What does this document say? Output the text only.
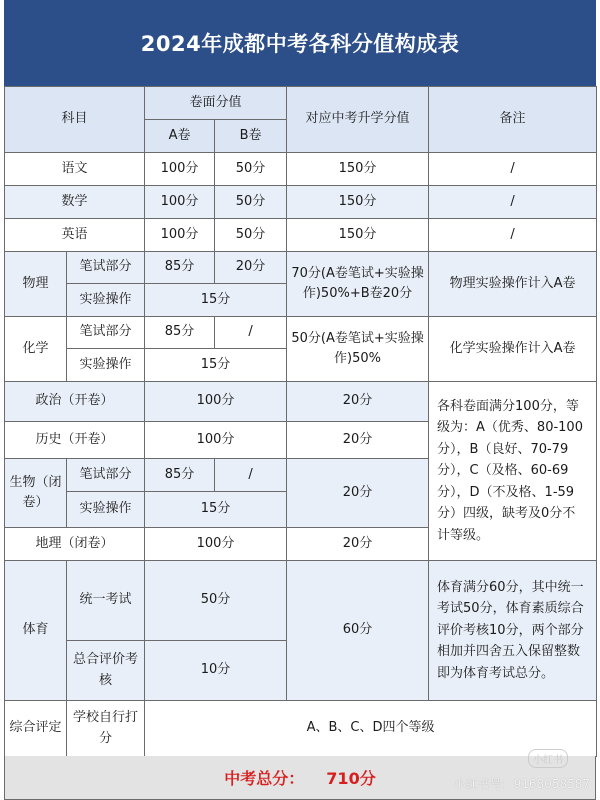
2024年成都中考各科分值构成表
科目		卷面分值		对应中考升学分值	备注
		A卷	B卷		
语文		100分	50分	150分	/
数学		100分	50分	150分	/
英语		100分	50分	150分	/
物理	笔试部分	85分	20分	70分(A卷笔试+实验操作)50%+B卷20分	物理实验操作计入A卷
	实验操作	15分			
化学	笔试部分	85分	/	50分(A卷笔试+实验操作)50%	化学实验操作计入A卷
	实验操作	15分			
政治（开卷）		100分		20分	各科卷面满分100分，等级为：A（优秀、80-100分），B（良好、70-79分），C（及格、60-69分），D（不及格、1-59分）四级，缺考及0分不计等级。
历史（开卷）		100分		20分	
生物（闭卷）	笔试部分	85分	/	20分	
	实验操作	15分			
地理（闭卷）		100分		20分	
体育	统一考试	50分		60分	体育满分60分，其中统一考试50分，体育素质综合评价考核10分，两个部分相加并四舍五入保留整数即为体育考试总分。
	总合评价考核	10分			
综合评定	学校自行打分	A、B、C、D四个等级			
中考总分： 710分
小红书
小红书号：9168058587
